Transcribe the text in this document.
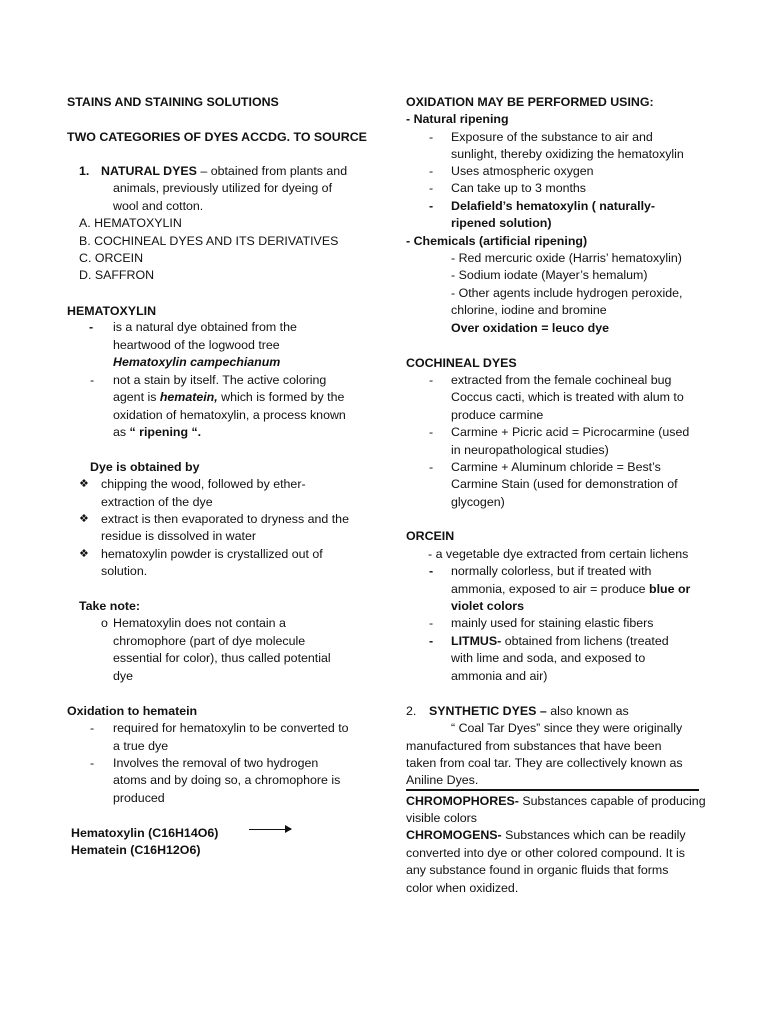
STAINS AND STAINING SOLUTIONS
TWO CATEGORIES OF DYES ACCDG. TO SOURCE
1. NATURAL DYES – obtained from plants and
animals, previously utilized for dyeing of
wool and cotton.
A. HEMATOXYLIN
B. COCHINEAL DYES AND ITS DERIVATIVES
C. ORCEIN
D. SAFFRON
HEMATOXYLIN
- is a natural dye obtained from the
heartwood of the logwood tree
Hematoxylin campechianum
- not a stain by itself. The active coloring
agent is hematein, which is formed by the
oxidation of hematoxylin, a process known
as “ ripening “.
Dye is obtained by
❖ chipping the wood, followed by ether-
extraction of the dye
❖ extract is then evaporated to dryness and the
residue is dissolved in water
❖ hematoxylin powder is crystallized out of
solution.
Take note:
o Hematoxylin does not contain a
chromophore (part of dye molecule
essential for color), thus called potential
dye
Oxidation to hematein
- required for hematoxylin to be converted to
a true dye
- Involves the removal of two hydrogen
atoms and by doing so, a chromophore is
produced
Hematoxylin (C16H14O6)
Hematein (C16H12O6)
OXIDATION MAY BE PERFORMED USING:
- Natural ripening
- Exposure of the substance to air and
sunlight, thereby oxidizing the hematoxylin
- Uses atmospheric oxygen
- Can take up to 3 months
- Delafield’s hematoxylin ( naturally-
ripened solution)
- Chemicals (artificial ripening)
- Red mercuric oxide (Harris’ hematoxylin)
- Sodium iodate (Mayer’s hemalum)
- Other agents include hydrogen peroxide,
chlorine, iodine and bromine
Over oxidation = leuco dye
COCHINEAL DYES
- extracted from the female cochineal bug
Coccus cacti, which is treated with alum to
produce carmine
- Carmine + Picric acid = Picrocarmine (used
in neuropathological studies)
- Carmine + Aluminum chloride = Best’s
Carmine Stain (used for demonstration of
glycogen)
ORCEIN
- a vegetable dye extracted from certain lichens
- normally colorless, but if treated with
ammonia, exposed to air = produce blue or
violet colors
- mainly used for staining elastic fibers
- LITMUS- obtained from lichens (treated
with lime and soda, and exposed to
ammonia and air)
2. SYNTHETIC DYES – also known as
“ Coal Tar Dyes” since they were originally
manufactured from substances that have been
taken from coal tar. They are collectively known as
Aniline Dyes.
CHROMOPHORES- Substances capable of producing
visible colors
CHROMOGENS- Substances which can be readily
converted into dye or other colored compound. It is
any substance found in organic fluids that forms
color when oxidized.
